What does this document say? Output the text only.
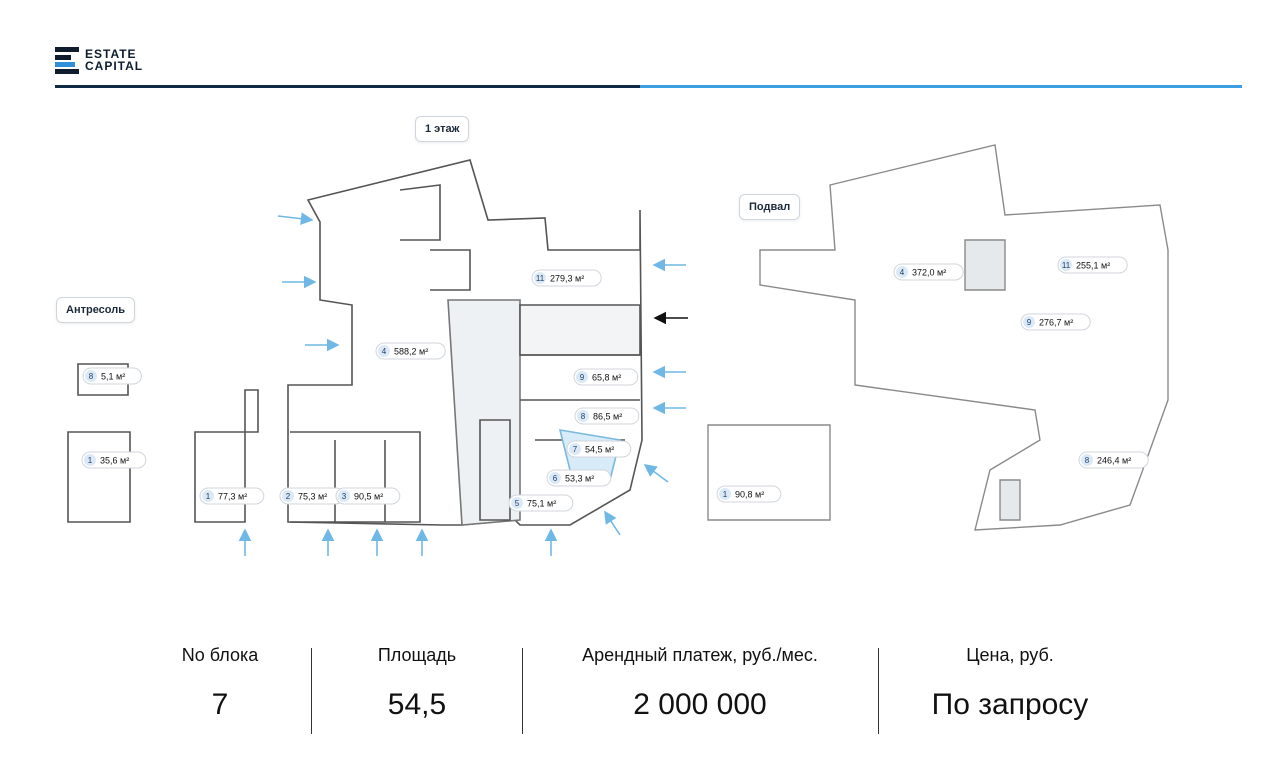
ESTATE
CAPITAL
1 этаж
Подвал
Антресоль
8 5,1 м²
1 35,6 м²
1 77,3 м²	2 75,3 м² 3 90,5 м²
4 588,2 м²
11 279,3 м²
9 65,8 м²
8 86,5 м²
7 54,5 м²
6 53,3 м²
5 75,1 м²
4 372,0 м²
11 255,1 м²
9 276,7 м²
8 246,4 м²
1 90,8 м²
No блока
7
Площадь
54,5
Арендный платеж, руб./мес.
2 000 000
Цена, руб.
По запросу
